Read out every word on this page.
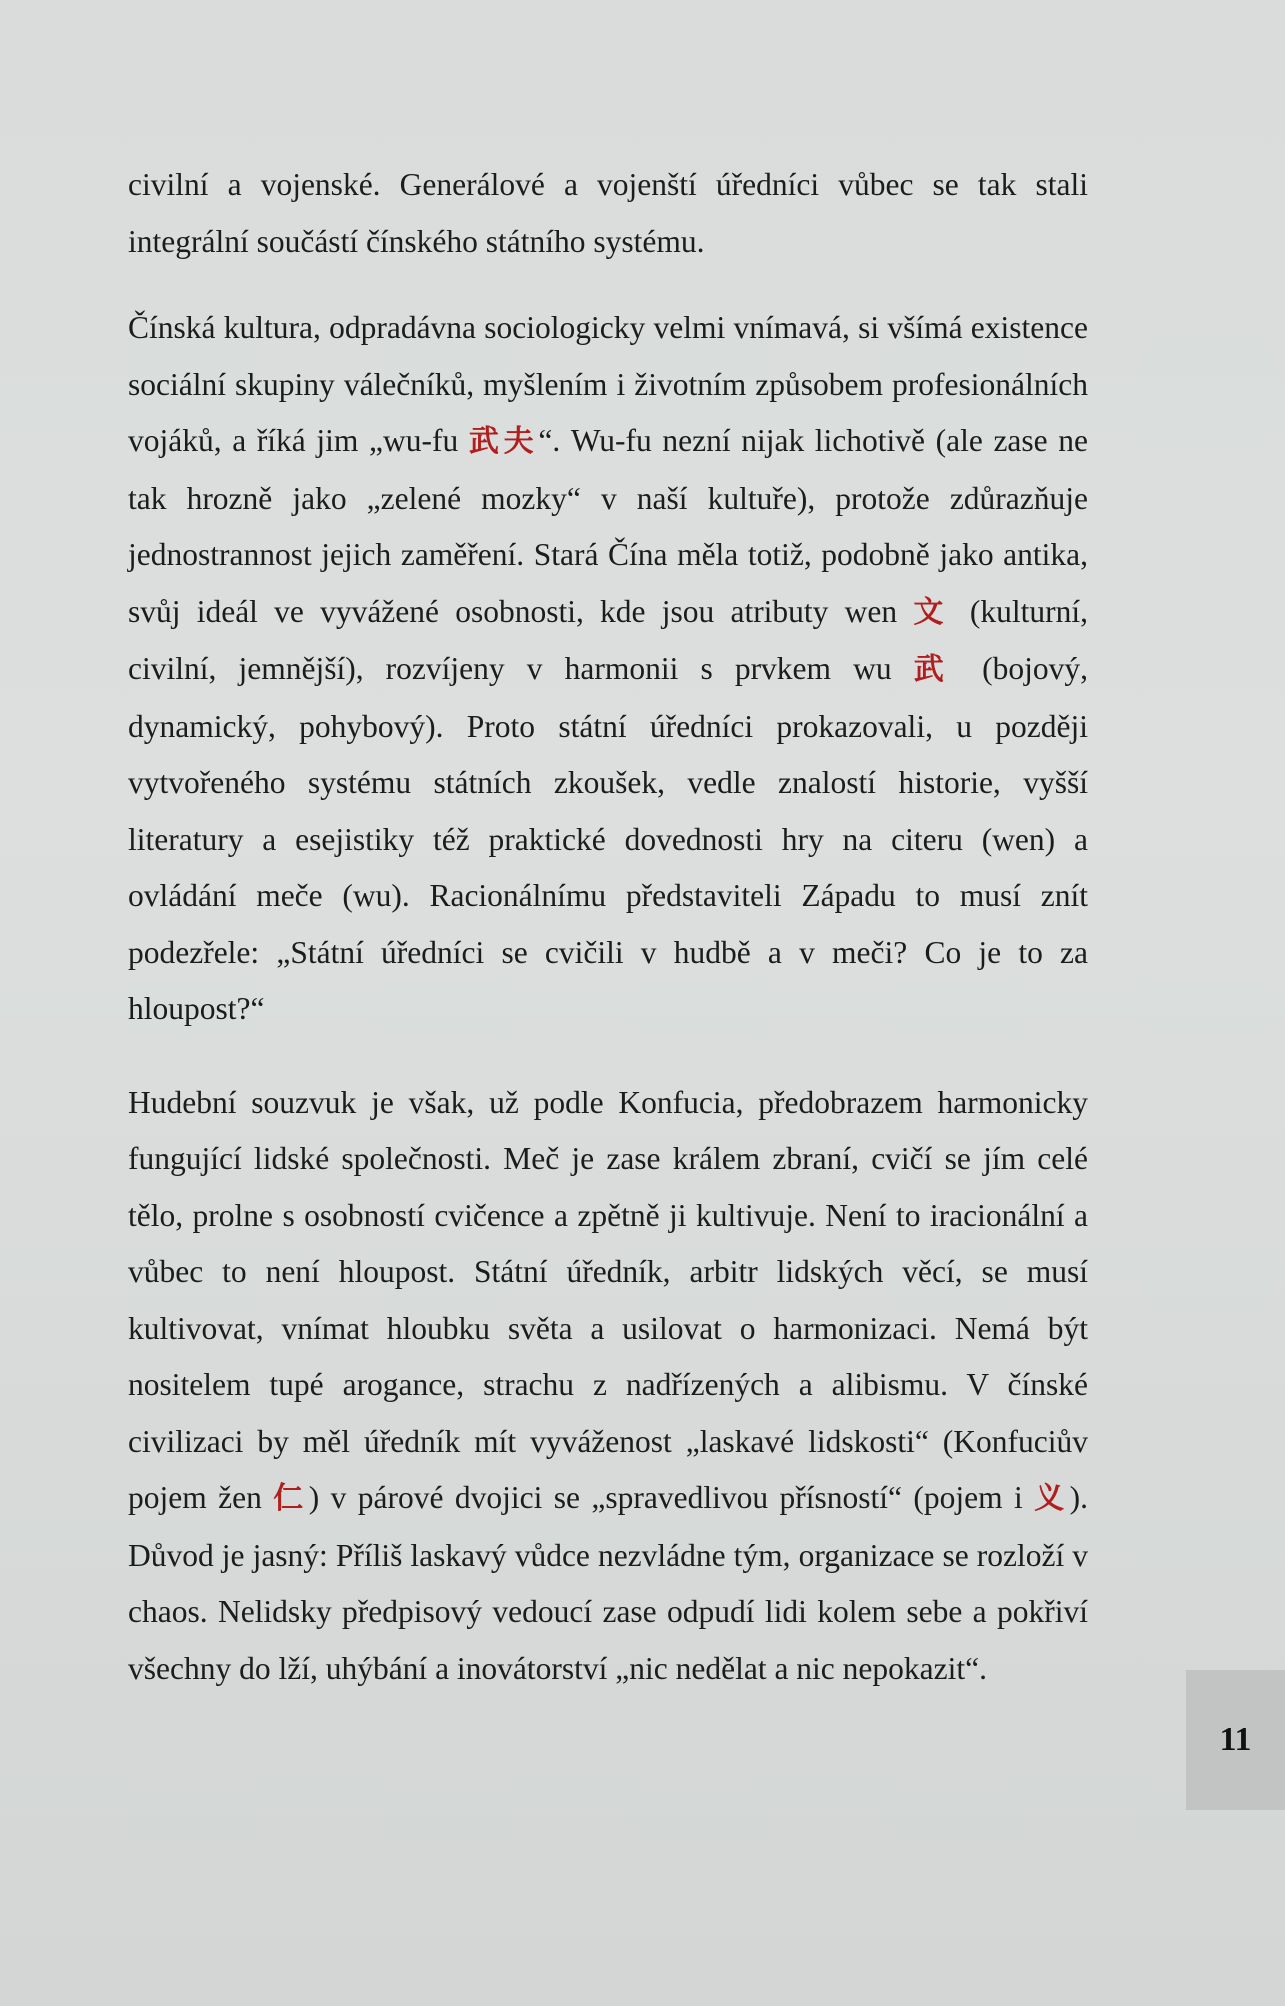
civilní a vojenské. Generálové a vojenští úředníci vůbec se tak stali integrální součástí čínského státního systému.

Čínská kultura, odpradávna sociologicky velmi vnímavá, si všímá existence sociální skupiny válečníků, myšlením i životním způsobem profesionálních vojáků, a říká jim „wu-fu 武夫“. Wu-fu nezní nijak lichotivě (ale zase ne tak hrozně jako „zelené mozky“ v naší kultuře), protože zdůrazňuje jednostrannost jejich zaměření. Stará Čína měla totiž, podobně jako antika, svůj ideál ve vyvážené osobnosti, kde jsou atributy wen 文 (kulturní, civilní, jemnější), rozvíjeny v harmonii s prvkem wu 武 (bojový, dynamický, pohybový). Proto státní úředníci prokazovali, u později vytvořeného systému státních zkoušek, vedle znalostí historie, vyšší literatury a esejistiky též praktické dovednosti hry na citeru (wen) a ovládání meče (wu). Racionálnímu představiteli Západu to musí znít podezřele: „Státní úředníci se cvičili v hudbě a v meči? Co je to za hloupost?“

Hudební souzvuk je však, už podle Konfucia, předobrazem harmonicky fungující lidské společnosti. Meč je zase králem zbraní, cvičí se jím celé tělo, prolne s osobností cvičence a zpětně ji kultivuje. Není to iracionální a vůbec to není hloupost. Státní úředník, arbitr lidských věcí, se musí kultivovat, vnímat hloubku světa a usilovat o harmonizaci. Nemá být nositelem tupé arogance, strachu z nadřízených a alibismu. V čínské civilizaci by měl úředník mít vyváženost „laskavé lidskosti“ (Konfuciův pojem žen 仁) v párové dvojici se „spravedlivou přísností“ (pojem i 义). Důvod je jasný: Příliš laskavý vůdce nezvládne tým, organizace se rozloží v chaos. Nelidsky předpisový vedoucí zase odpudí lidi kolem sebe a pokřiví všechny do lží, uhýbání a inovátorství „nic nedělat a nic nepokazit“.

11
